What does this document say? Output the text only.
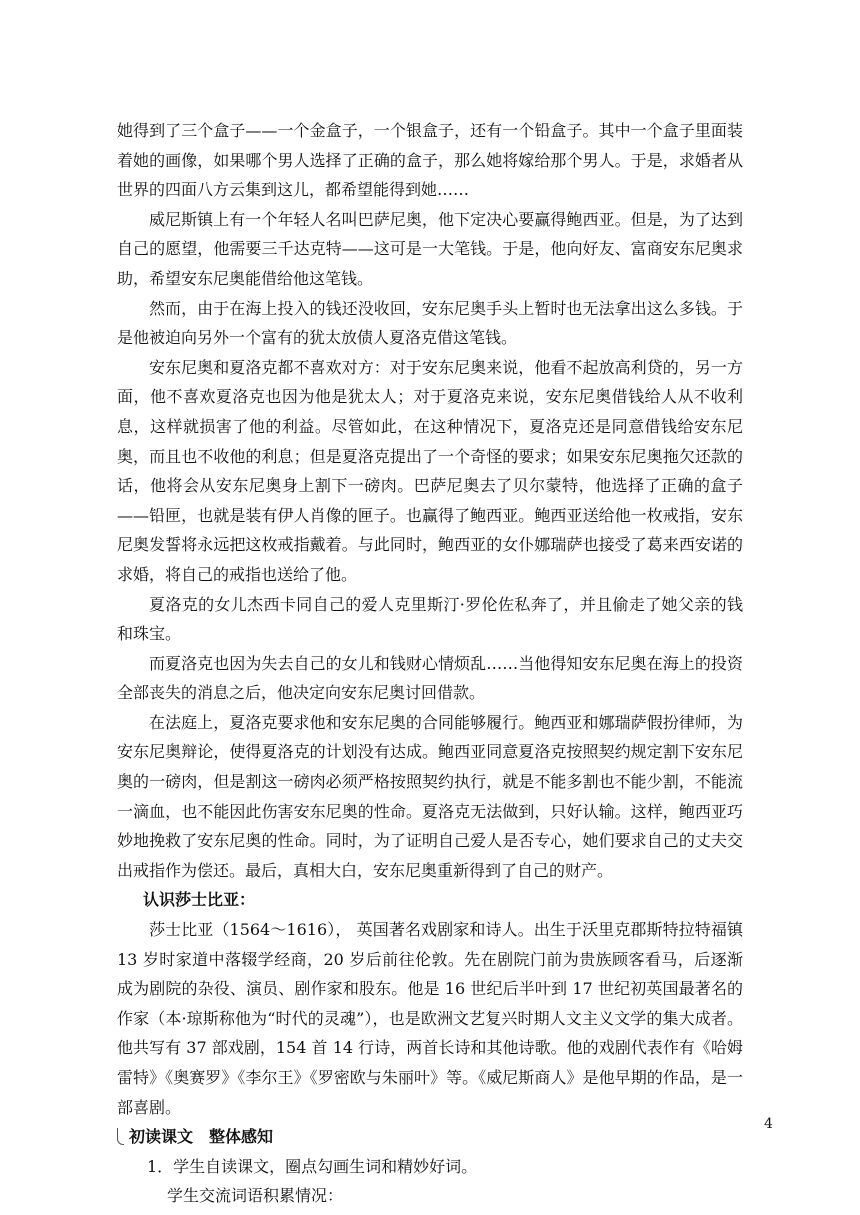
她得到了三个盒子——一个金盒子，一个银盒子，还有一个铅盒子。其中一个盒子里面装着她的画像，如果哪个男人选择了正确的盒子，那么她将嫁给那个男人。于是，求婚者从世界的四面八方云集到这儿，都希望能得到她……

威尼斯镇上有一个年轻人名叫巴萨尼奥，他下定决心要赢得鲍西亚。但是，为了达到自己的愿望，他需要三千达克特——这可是一大笔钱。于是，他向好友、富商安东尼奥求助，希望安东尼奥能借给他这笔钱。

然而，由于在海上投入的钱还没收回，安东尼奥手头上暂时也无法拿出这么多钱。于是他被迫向另外一个富有的犹太放债人夏洛克借这笔钱。

安东尼奥和夏洛克都不喜欢对方：对于安东尼奥来说，他看不起放高利贷的，另一方面，他不喜欢夏洛克也因为他是犹太人；对于夏洛克来说，安东尼奥借钱给人从不收利息，这样就损害了他的利益。尽管如此，在这种情况下，夏洛克还是同意借钱给安东尼奥，而且也不收他的利息；但是夏洛克提出了一个奇怪的要求；如果安东尼奥拖欠还款的话，他将会从安东尼奥身上割下一磅肉。巴萨尼奥去了贝尔蒙特，他选择了正确的盒子——铅匣，也就是装有伊人肖像的匣子。也赢得了鲍西亚。鲍西亚送给他一枚戒指，安东尼奥发誓将永远把这枚戒指戴着。与此同时，鲍西亚的女仆娜瑞萨也接受了葛来西安诺的求婚，将自己的戒指也送给了他。

夏洛克的女儿杰西卡同自己的爱人克里斯汀·罗伦佐私奔了，并且偷走了她父亲的钱和珠宝。

而夏洛克也因为失去自己的女儿和钱财心情烦乱……当他得知安东尼奥在海上的投资全部丧失的消息之后，他决定向安东尼奥讨回借款。

在法庭上，夏洛克要求他和安东尼奥的合同能够履行。鲍西亚和娜瑞萨假扮律师，为安东尼奥辩论，使得夏洛克的计划没有达成。鲍西亚同意夏洛克按照契约规定割下安东尼奥的一磅肉，但是割这一磅肉必须严格按照契约执行，就是不能多割也不能少割，不能流一滴血，也不能因此伤害安东尼奥的性命。夏洛克无法做到，只好认输。这样，鲍西亚巧妙地挽救了安东尼奥的性命。同时，为了证明自己爱人是否专心，她们要求自己的丈夫交出戒指作为偿还。最后，真相大白，安东尼奥重新得到了自己的财产。

认识莎士比亚：

莎士比亚（1564～1616）， 英国著名戏剧家和诗人。出生于沃里克郡斯特拉特福镇 13 岁时家道中落辍学经商，20 岁后前往伦敦。先在剧院门前为贵族顾客看马，后逐渐成为剧院的杂役、演员、剧作家和股东。他是 16 世纪后半叶到 17 世纪初英国最著名的作家（本·琼斯称他为“时代的灵魂”），也是欧洲文艺复兴时期人文主义文学的集大成者。他共写有 37 部戏剧，154 首 14 行诗，两首长诗和其他诗歌。他的戏剧代表作有《哈姆雷特》《奥赛罗》《李尔王》《罗密欧与朱丽叶》等。《威尼斯商人》是他早期的作品，是一部喜剧。

初读课文　整体感知

1．学生自读课文，圈点勾画生词和精妙好词。

学生交流词语积累情况：

4
